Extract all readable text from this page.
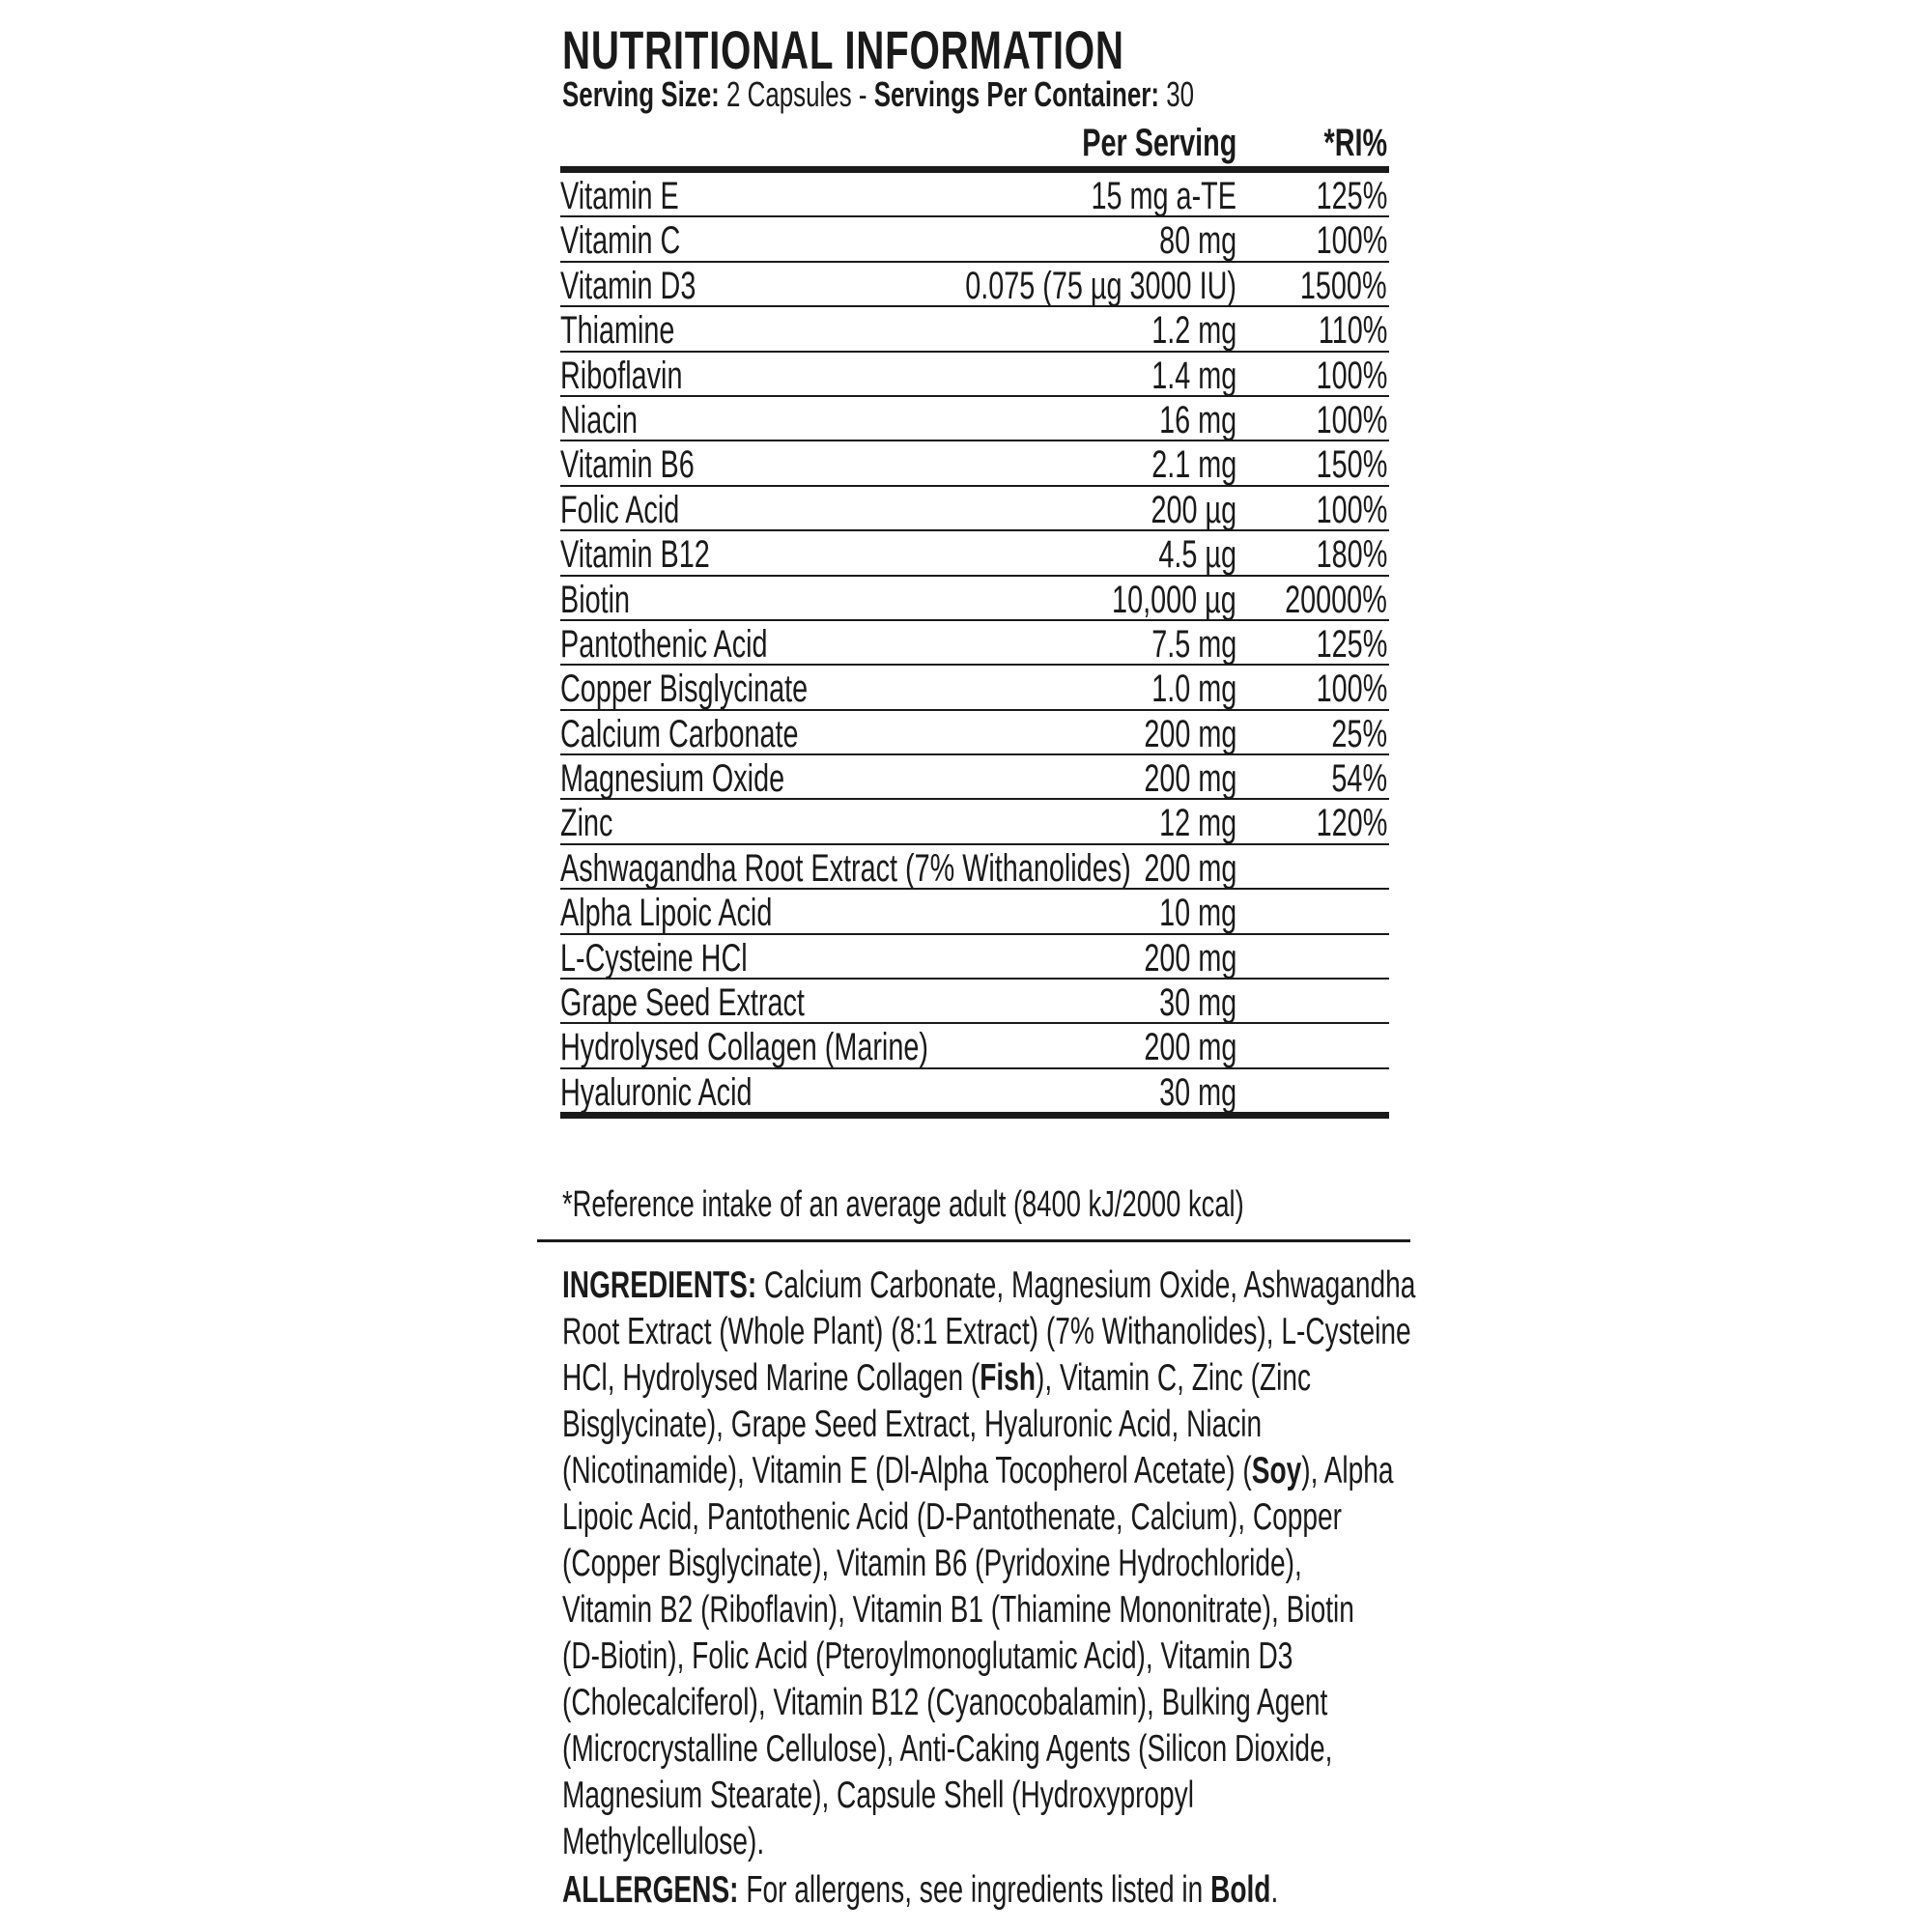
NUTRITIONAL INFORMATION
Serving Size: 2 Capsules - Servings Per Container: 30
Per Serving	*RI%
Vitamin E	15 mg a-TE	125%
Vitamin C	80 mg	100%
Vitamin D3	0.075 (75 µg 3000 IU)	1500%
Thiamine	1.2 mg	110%
Riboflavin	1.4 mg	100%
Niacin	16 mg	100%
Vitamin B6	2.1 mg	150%
Folic Acid	200 µg	100%
Vitamin B12	4.5 µg	180%
Biotin	10,000 µg	20000%
Pantothenic Acid	7.5 mg	125%
Copper Bisglycinate	1.0 mg	100%
Calcium Carbonate	200 mg	25%
Magnesium Oxide	200 mg	54%
Zinc	12 mg	120%
Ashwagandha Root Extract (7% Withanolides) 200 mg
Alpha Lipoic Acid	10 mg
L-Cysteine HCl	200 mg
Grape Seed Extract	30 mg
Hydrolysed Collagen (Marine)	200 mg
Hyaluronic Acid	30 mg
*Reference intake of an average adult (8400 kJ/2000 kcal)
INGREDIENTS: Calcium Carbonate, Magnesium Oxide, Ashwagandha
Root Extract (Whole Plant) (8:1 Extract) (7% Withanolides), L-Cysteine
HCl, Hydrolysed Marine Collagen (Fish), Vitamin C, Zinc (Zinc
Bisglycinate), Grape Seed Extract, Hyaluronic Acid, Niacin
(Nicotinamide), Vitamin E (Dl-Alpha Tocopherol Acetate) (Soy), Alpha
Lipoic Acid, Pantothenic Acid (D-Pantothenate, Calcium), Copper
(Copper Bisglycinate), Vitamin B6 (Pyridoxine Hydrochloride),
Vitamin B2 (Riboflavin), Vitamin B1 (Thiamine Mononitrate), Biotin
(D-Biotin), Folic Acid (Pteroylmonoglutamic Acid), Vitamin D3
(Cholecalciferol), Vitamin B12 (Cyanocobalamin), Bulking Agent
(Microcrystalline Cellulose), Anti-Caking Agents (Silicon Dioxide,
Magnesium Stearate), Capsule Shell (Hydroxypropyl
Methylcellulose).
ALLERGENS: For allergens, see ingredients listed in Bold.
